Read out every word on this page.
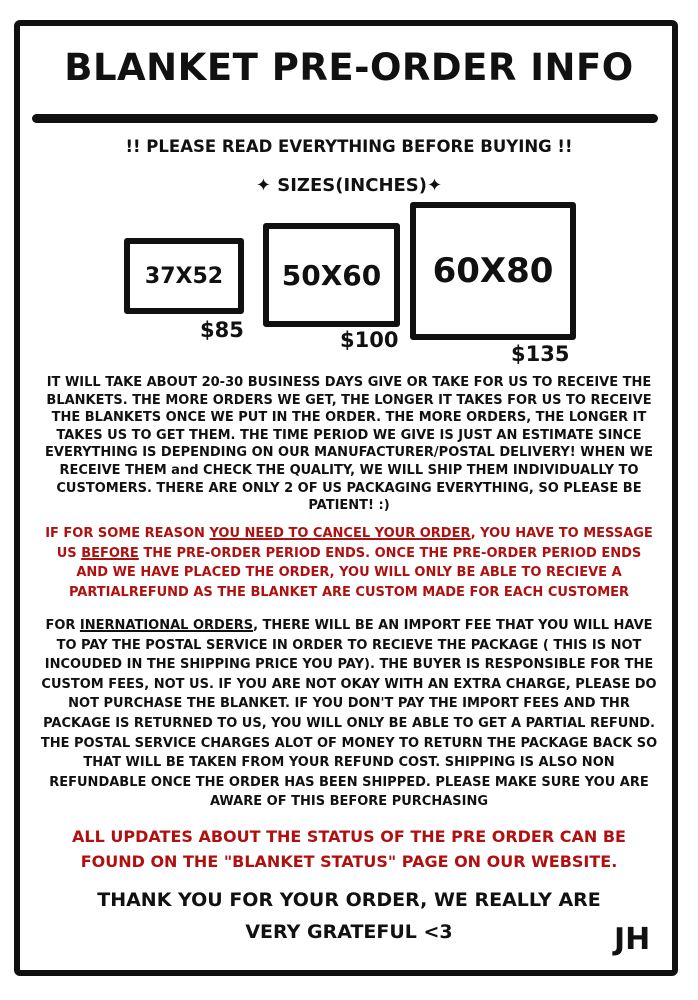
BLANKET PRE-ORDER INFO
!! PLEASE READ EVERYTHING BEFORE BUYING !!
✦ SIZES(INCHES)✦
37X52 50X60 60X80
$85	$100
$135

IT WILL TAKE ABOUT 20-30 BUSINESS DAYS GIVE OR TAKE FOR US TO RECEIVE THE BLANKETS. THE MORE ORDERS WE GET, THE LONGER IT TAKES FOR US TO RECEIVE THE BLANKETS ONCE WE PUT IN THE ORDER. THE MORE ORDERS, THE LONGER IT TAKES US TO GET THEM. THE TIME PERIOD WE GIVE IS JUST AN ESTIMATE SINCE EVERYTHING IS DEPENDING ON OUR MANUFACTURER/POSTAL DELIVERY! WHEN WE RECEIVE THEM and CHECK THE QUALITY, WE WILL SHIP THEM INDIVIDUALLY TO CUSTOMERS. THERE ARE ONLY 2 OF US PACKAGING EVERYTHING, SO PLEASE BE PATIENT! :)

IF FOR SOME REASON YOU NEED TO CANCEL YOUR ORDER, YOU HAVE TO MESSAGE US BEFORE THE PRE-ORDER PERIOD ENDS. ONCE THE PRE-ORDER PERIOD ENDS AND WE HAVE PLACED THE ORDER, YOU WILL ONLY BE ABLE TO RECIEVE A PARTIALREFUND AS THE BLANKET ARE CUSTOM MADE FOR EACH CUSTOMER

FOR INERNATIONAL ORDERS, THERE WILL BE AN IMPORT FEE THAT YOU WILL HAVE TO PAY THE POSTAL SERVICE IN ORDER TO RECIEVE THE PACKAGE ( THIS IS NOT INCOUDED IN THE SHIPPING PRICE YOU PAY). THE BUYER IS RESPONSIBLE FOR THE CUSTOM FEES, NOT US. IF YOU ARE NOT OKAY WITH AN EXTRA CHARGE, PLEASE DO NOT PURCHASE THE BLANKET. IF YOU DON'T PAY THE IMPORT FEES AND THR PACKAGE IS RETURNED TO US, YOU WILL ONLY BE ABLE TO GET A PARTIAL REFUND. THE POSTAL SERVICE CHARGES ALOT OF MONEY TO RETURN THE PACKAGE BACK SO THAT WILL BE TAKEN FROM YOUR REFUND COST. SHIPPING IS ALSO NON REFUNDABLE ONCE THE ORDER HAS BEEN SHIPPED. PLEASE MAKE SURE YOU ARE AWARE OF THIS BEFORE PURCHASING

ALL UPDATES ABOUT THE STATUS OF THE PRE ORDER CAN BE FOUND ON THE "BLANKET STATUS" PAGE ON OUR WEBSITE.
THANK YOU FOR YOUR ORDER, WE REALLY ARE VERY GRATEFUL <3	JH
